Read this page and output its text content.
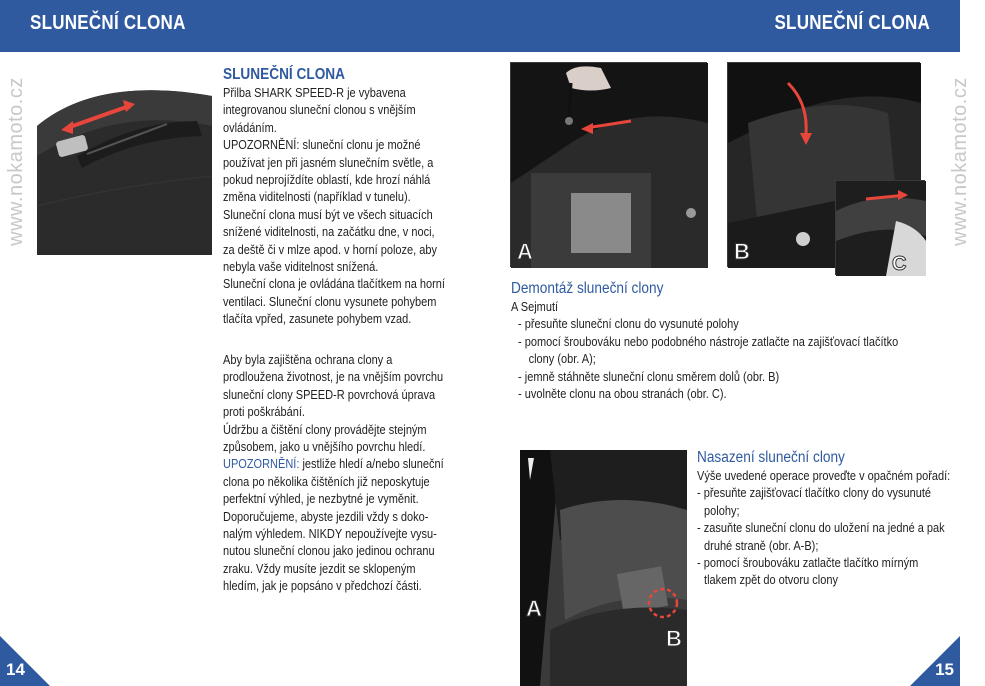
SLUNEČNÍ CLONA	SLUNEČNÍ CLONA
www.nokamoto.cz	www.nokamoto.cz
SLUNEČNÍ CLONA
Přilba SHARK SPEED-R je vybavena
integrovanou sluneční clonou s vnějším
ovládáním.
UPOZORNĚNÍ: sluneční clonu je možné
používat jen při jasném slunečním světle, a
pokud neprojíždíte oblastí, kde hrozí náhlá
změna viditelnosti (například v tunelu).
Sluneční clona musí být ve všech situacích
snížené viditelnosti, na začátku dne, v noci,
za deště či v mlze apod. v horní poloze, aby
nebyla vaše viditelnost snížená.
Sluneční clona je ovládána tlačítkem na horní
ventilaci. Sluneční clonu vysunete pohybem
tlačíta vpřed, zasunete pohybem vzad.
Aby byla zajištěna ochrana clony a
prodloužena životnost, je na vnějším povrchu
sluneční clony SPEED-R povrchová úprava
proti poškrábání.
Údržbu a čištění clony provádějte stejným
způsobem, jako u vnějšího povrchu hledí.
UPOZORNĚNÍ: jestliže hledí a/nebo sluneční
clona po několika čištěních již neposkytuje
perfektní výhled, je nezbytné je vyměnit.
Doporučujeme, abyste jezdili vždy s doko-
nalým výhledem. NIKDY nepoužívejte vysu-
nutou sluneční clonou jako jedinou ochranu
zraku. Vždy musíte jezdit se sklopeným
hledím, jak je popsáno v předchozí části.
A	B	C
Demontáž sluneční clony
A Sejmutí
- přesuňte sluneční clonu do vysunuté polohy
- pomocí šroubováku nebo podobného nástroje zatlačte na zajišťovací tlačítko
clony (obr. A);
- jemně stáhněte sluneční clonu směrem dolů (obr. B)
- uvolněte clonu na obou stranách (obr. C).
A
B
Nasazení sluneční clony
Výše uvedené operace proveďte v opačném pořadí:
- přesuňte zajišťovací tlačítko clony do vysunuté
polohy;
- zasuňte sluneční clonu do uložení na jedné a pak
druhé straně (obr. A-B);
- pomocí šroubováku zatlačte tlačítko mírným
tlakem zpět do otvoru clony
14	15
